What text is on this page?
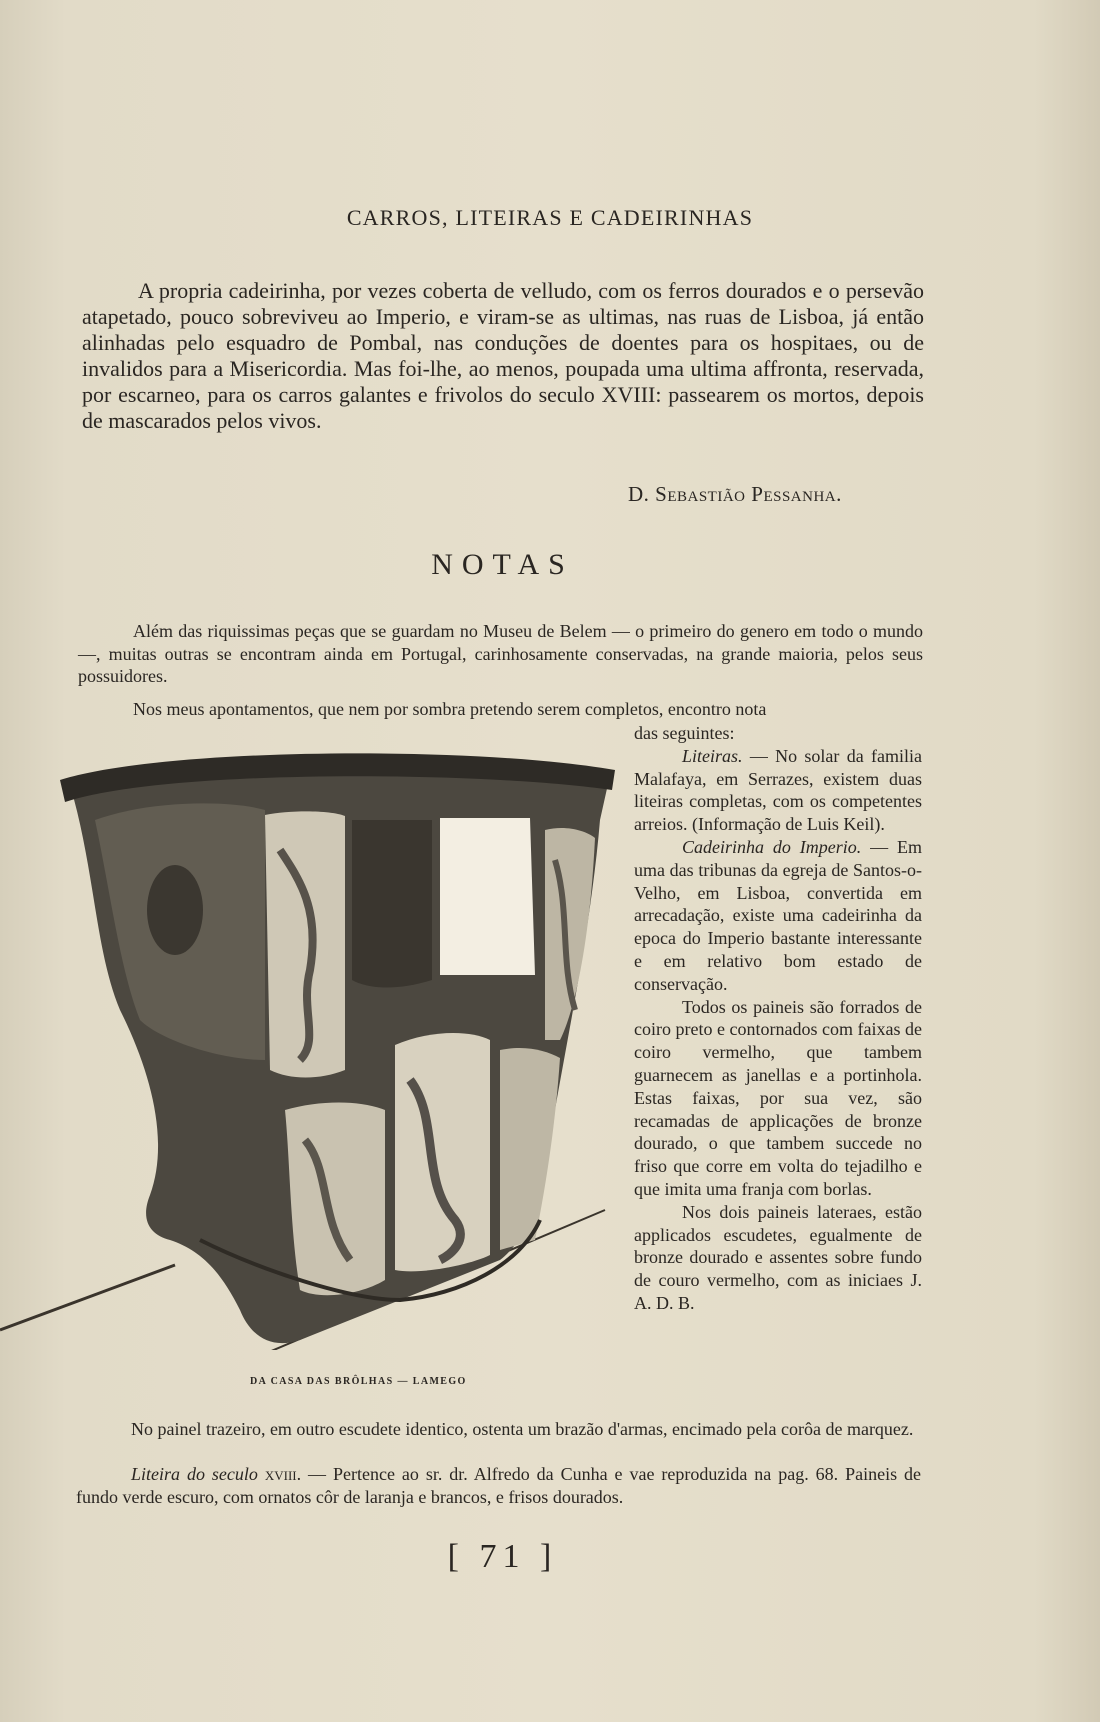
CARROS, LITEIRAS E CADEIRINHAS

A propria cadeirinha, por vezes coberta de velludo, com os ferros dourados e o persevão atapetado, pouco sobreviveu ao Imperio, e viram-se as ultimas, nas ruas de Lisboa, já então alinhadas pelo esquadro de Pombal, nas conduções de doentes para os hospitaes, ou de invalidos para a Misericordia. Mas foi-lhe, ao menos, poupada uma ultima affronta, reservada, por escarneo, para os carros galantes e frivolos do seculo XVIII: passearem os mortos, depois de mascarados pelos vivos.

D. Sebastião Pessanha.
NOTAS

Além das riquissimas peças que se guardam no Museu de Belem — o primeiro do genero em todo o mundo —, muitas outras se encontram ainda em Portugal, carinhosamente conservadas, na grande maioria, pelos seus possuidores.

Nos meus apontamentos, que nem por sombra pretendo serem completos, encontro nota

das seguintes:

Liteiras. — No solar da familia Malafaya, em Serrazes, existem duas liteiras completas, com os competentes arreios. (Informação de Luis Keil).

Cadeirinha do Imperio. — Em uma das tribunas da egreja de Santos-o-Velho, em Lisboa, convertida em arrecadação, existe uma cadeirinha da epoca do Imperio bastante interessante e em relativo bom estado de conservação.

Todos os paineis são forrados de coiro preto e contornados com faixas de coiro vermelho, que tambem guarnecem as janellas e a portinhola. Estas faixas, por sua vez, são recamadas de applicações de bronze dourado, o que tambem succede no friso que corre em volta do tejadilho e que imita uma franja com borlas.

Nos dois paineis lateraes, estão applicados escudetes, egualmente de bronze dourado e assentes sobre fundo de couro vermelho, com as iniciaes J. A. D. B.

DA CASA DAS BRÔLHAS — LAMEGO

No painel trazeiro, em outro escudete identico, ostenta um brazão d'armas, encimado pela corôa de marquez.

Liteira do seculo xviii. — Pertence ao sr. dr. Alfredo da Cunha e vae reproduzida na pag. 68. Paineis de fundo verde escuro, com ornatos côr de laranja e brancos, e frisos dourados.

[ 71 ]
